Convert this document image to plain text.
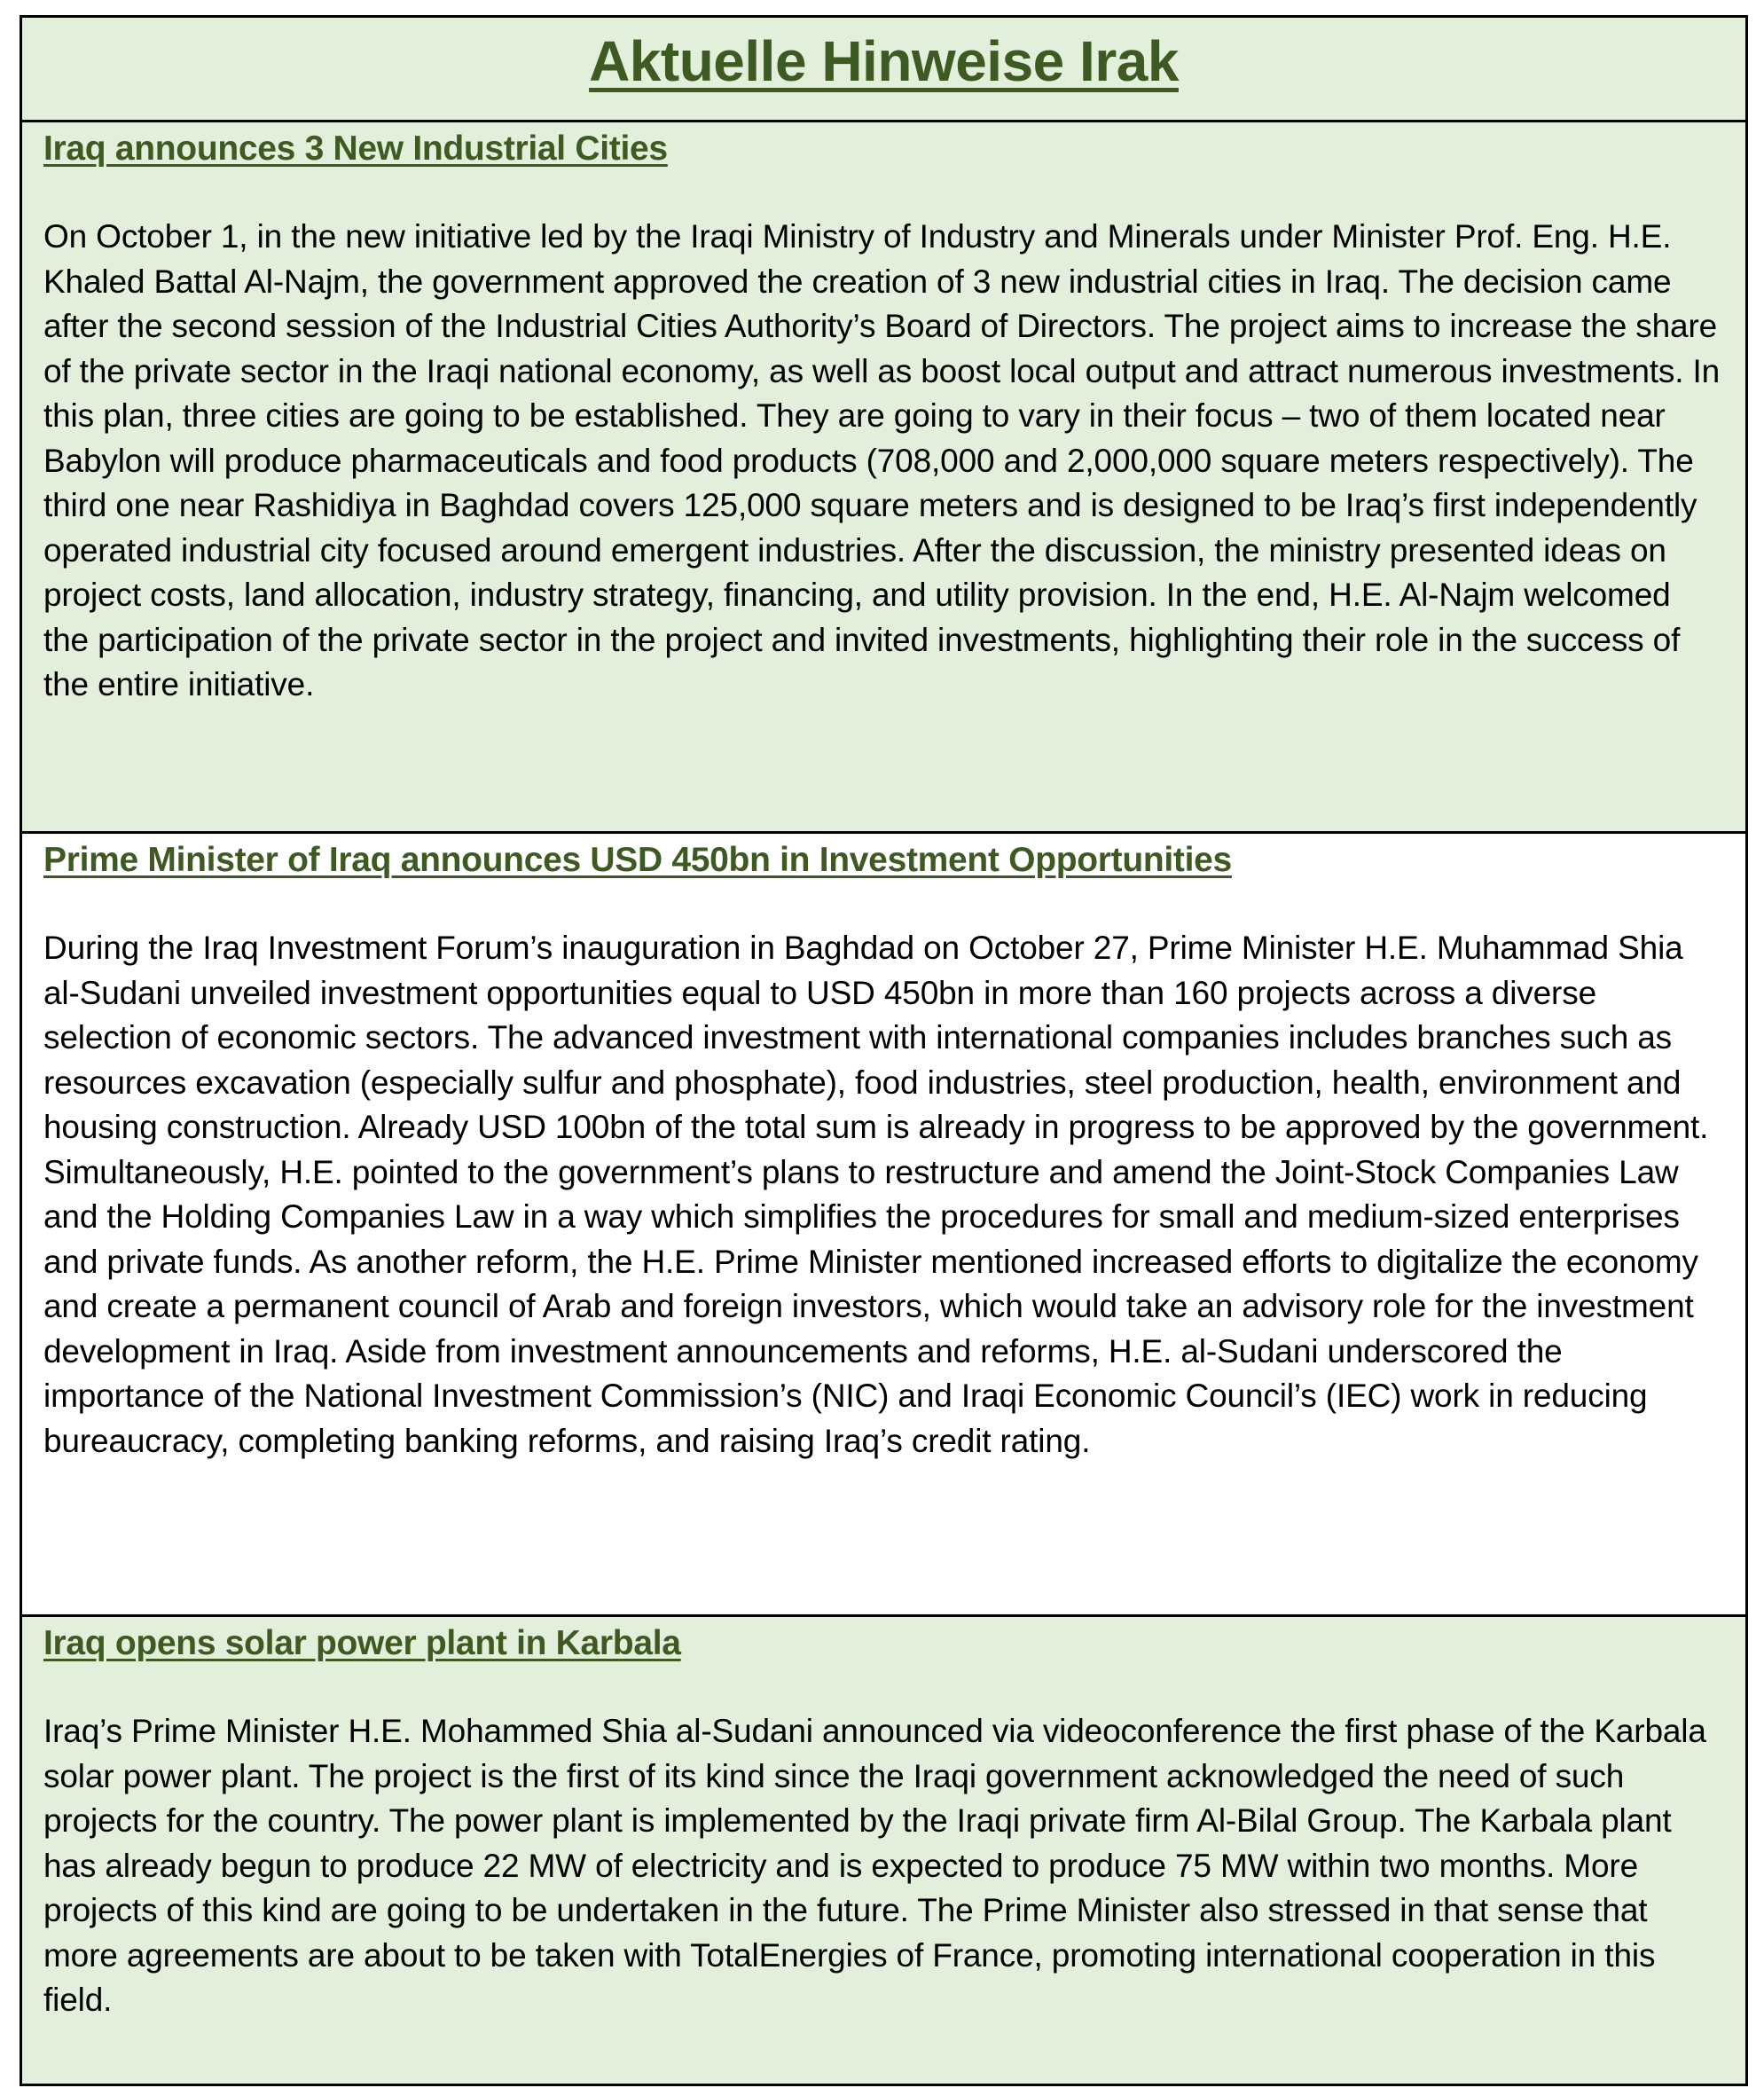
Aktuelle Hinweise Irak
Iraq announces 3 New Industrial Cities

On October 1, in the new initiative led by the Iraqi Ministry of Industry and Minerals under Minister Prof. Eng. H.E. Khaled Battal Al-Najm, the government approved the creation of 3 new industrial cities in Iraq. The decision came after the second session of the Industrial Cities Authority’s Board of Directors. The project aims to increase the share of the private sector in the Iraqi national economy, as well as boost local output and attract numerous investments. In this plan, three cities are going to be established. They are going to vary in their focus – two of them located near Babylon will produce pharmaceuticals and food products (708,000 and 2,000,000 square meters respectively). The third one near Rashidiya in Baghdad covers 125,000 square meters and is designed to be Iraq’s first independently operated industrial city focused around emergent industries. After the discussion, the ministry presented ideas on project costs, land allocation, industry strategy, financing, and utility provision. In the end, H.E. Al-Najm welcomed the participation of the private sector in the project and invited investments, highlighting their role in the success of the entire initiative.

Prime Minister of Iraq announces USD 450bn in Investment Opportunities

During the Iraq Investment Forum’s inauguration in Baghdad on October 27, Prime Minister H.E. Muhammad Shia al-Sudani unveiled investment opportunities equal to USD 450bn in more than 160 projects across a diverse selection of economic sectors. The advanced investment with international companies includes branches such as resources excavation (especially sulfur and phosphate), food industries, steel production, health, environment and housing construction. Already USD 100bn of the total sum is already in progress to be approved by the government. Simultaneously, H.E. pointed to the government’s plans to restructure and amend the Joint-Stock Companies Law and the Holding Companies Law in a way which simplifies the procedures for small and medium-sized enterprises and private funds. As another reform, the H.E. Prime Minister mentioned increased efforts to digitalize the economy and create a permanent council of Arab and foreign investors, which would take an advisory role for the investment development in Iraq. Aside from investment announcements and reforms, H.E. al-Sudani underscored the importance of the National Investment Commission’s (NIC) and Iraqi Economic Council’s (IEC) work in reducing bureaucracy, completing banking reforms, and raising Iraq’s credit rating.

Iraq opens solar power plant in Karbala

Iraq’s Prime Minister H.E. Mohammed Shia al-Sudani announced via videoconference the first phase of the Karbala solar power plant. The project is the first of its kind since the Iraqi government acknowledged the need of such projects for the country. The power plant is implemented by the Iraqi private firm Al-Bilal Group. The Karbala plant has already begun to produce 22 MW of electricity and is expected to produce 75 MW within two months. More projects of this kind are going to be undertaken in the future. The Prime Minister also stressed in that sense that more agreements are about to be taken with TotalEnergies of France, promoting international cooperation in this field.
